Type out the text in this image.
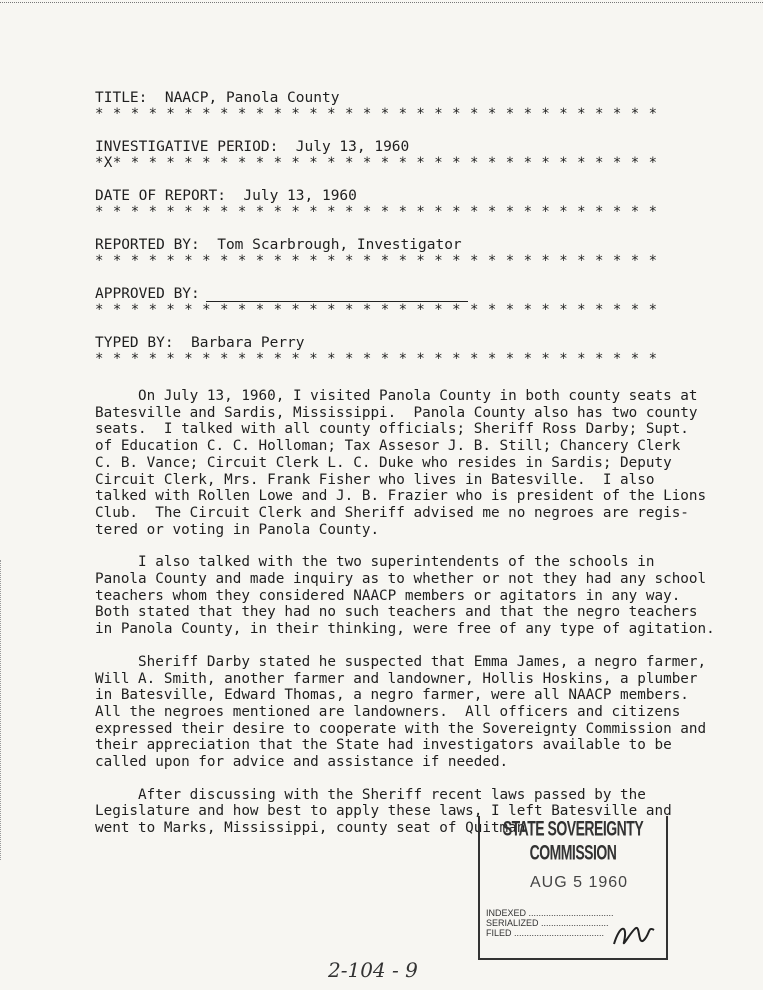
TITLE:  NAACP, Panola County
* * * * * * * * * * * * * * * * * * * * * * * * * * * * * * * *
INVESTIGATIVE PERIOD:  July 13, 1960
*X* * * * * * * * * * * * * * * * * * * * * * * * * * * * * * *
DATE OF REPORT:  July 13, 1960
* * * * * * * * * * * * * * * * * * * * * * * * * * * * * * * *
REPORTED BY:  Tom Scarbrough, Investigator
* * * * * * * * * * * * * * * * * * * * * * * * * * * * * * * *
APPROVED BY:
* * * * * * * * * * * * * * * * * * * * * * * * * * * * * * * *
TYPED BY:  Barbara Perry
* * * * * * * * * * * * * * * * * * * * * * * * * * * * * * * *

On July 13, 1960, I visited Panola County in both county seats at
Batesville and Sardis, Mississippi.  Panola County also has two county
seats.  I talked with all county officials; Sheriff Ross Darby; Supt.
of Education C. C. Holloman; Tax Assesor J. B. Still; Chancery Clerk
C. B. Vance; Circuit Clerk L. C. Duke who resides in Sardis; Deputy
Circuit Clerk, Mrs. Frank Fisher who lives in Batesville.  I also
talked with Rollen Lowe and J. B. Frazier who is president of the Lions
Club.  The Circuit Clerk and Sheriff advised me no negroes are regis-
tered or voting in Panola County.

I also talked with the two superintendents of the schools in
Panola County and made inquiry as to whether or not they had any school
teachers whom they considered NAACP members or agitators in any way.
Both stated that they had no such teachers and that the negro teachers
in Panola County, in their thinking, were free of any type of agitation.

Sheriff Darby stated he suspected that Emma James, a negro farmer,
Will A. Smith, another farmer and landowner, Hollis Hoskins, a plumber
in Batesville, Edward Thomas, a negro farmer, were all NAACP members.
All the negroes mentioned are landowners.  All officers and citizens
expressed their desire to cooperate with the Sovereignty Commission and
their appreciation that the State had investigators available to be
called upon for advice and assistance if needed.

After discussing with the Sheriff recent laws passed by the
Legislature and how best to apply these laws, I left Batesville and
went to Marks, Mississippi, county seat of Quitman

STATE SOVEREIGNTY COMMISSION
AUG 5 1960
INDEXED ..................................
SERIALIZED ...........................
FILED ....................................
2-104 - 9
